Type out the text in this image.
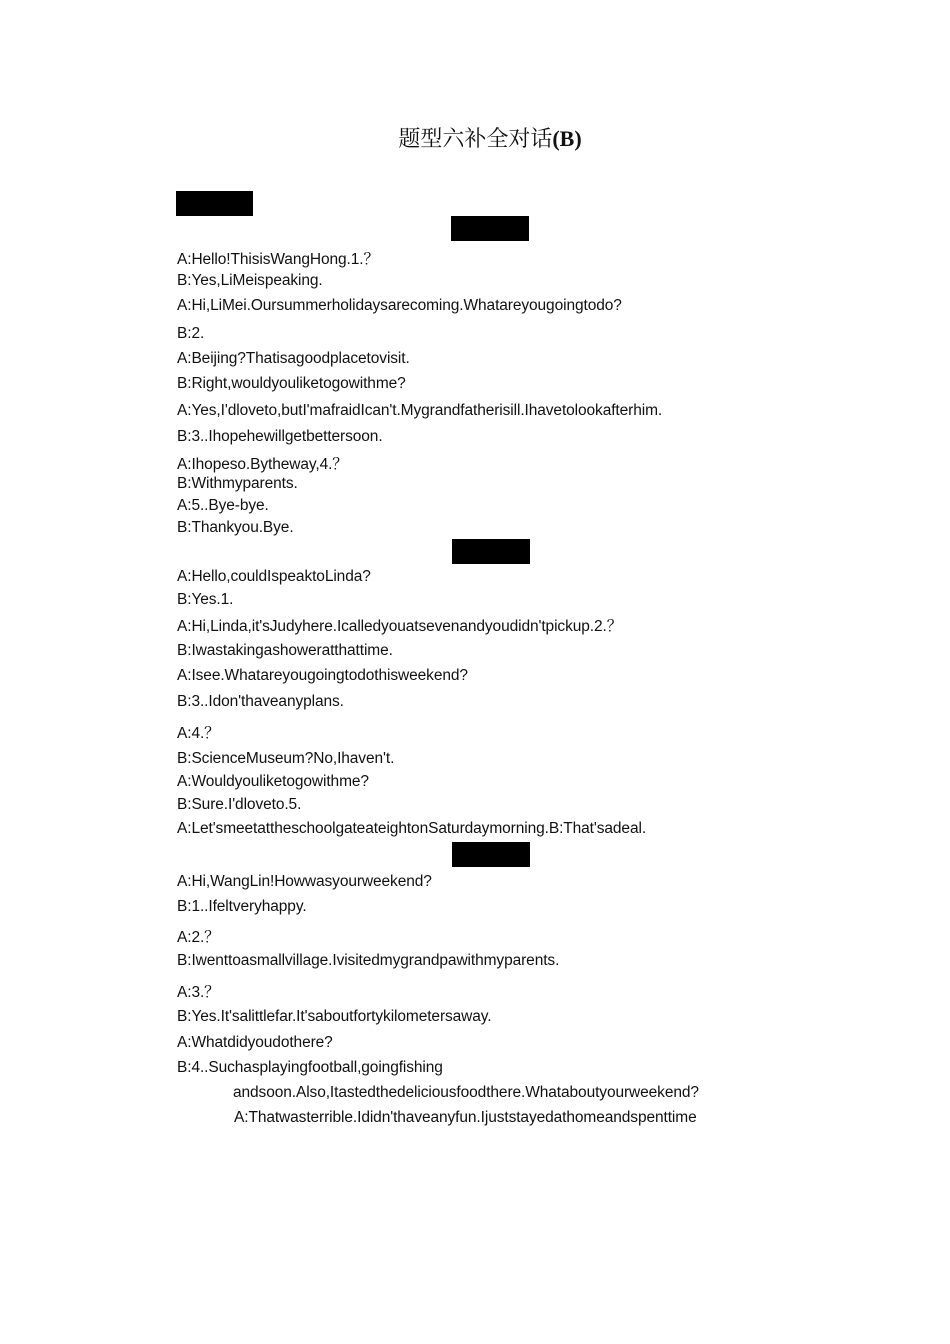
题型六补全对话(B)
A:Hello!ThisisWangHong.1.？
B:Yes,LiMeispeaking.
A:Hi,LiMei.Oursummerholidaysarecoming.Whatareyougoingtodo?
B:2.
A:Beijing?Thatisagoodplacetovisit.
B:Right,wouldyouliketogowithme?
A:Yes,I'dloveto,butI'mafraidIcan't.Mygrandfatherisill.Ihavetolookafterhim.
B:3..Ihopehewillgetbettersoon.
A:Ihopeso.Bytheway,4.？
B:Withmyparents.
A:5..Bye-bye.
B:Thankyou.Bye.
A:Hello,couldIspeaktoLinda?
B:Yes.1.
A:Hi,Linda,it'sJudyhere.Icalledyouatsevenandyoudidn'tpickup.2.？
B:Iwastakingashoweratthattime.
A:Isee.Whatareyougoingtodothisweekend?
B:3..Idon'thaveanyplans.
A:4.？
B:ScienceMuseum?No,Ihaven't.
A:Wouldyouliketogowithme?
B:Sure.I'dloveto.5.
A:Let'smeetattheschoolgateateightonSaturdaymorning.B:That'sadeal.
A:Hi,WangLin!Howwasyourweekend?
B:1..Ifeltveryhappy.
A:2.？
B:Iwenttoasmallvillage.Ivisitedmygrandpawithmyparents.
A:3.？
B:Yes.It'salittlefar.It'saboutfortykilometersaway.
A:Whatdidyoudothere?
B:4..Suchasplayingfootball,goingfishing
andsoon.Also,Itastedthedeliciousfoodthere.Whataboutyourweekend?
A:Thatwasterrible.Ididn'thaveanyfun.Ijuststayedathomeandspenttime
